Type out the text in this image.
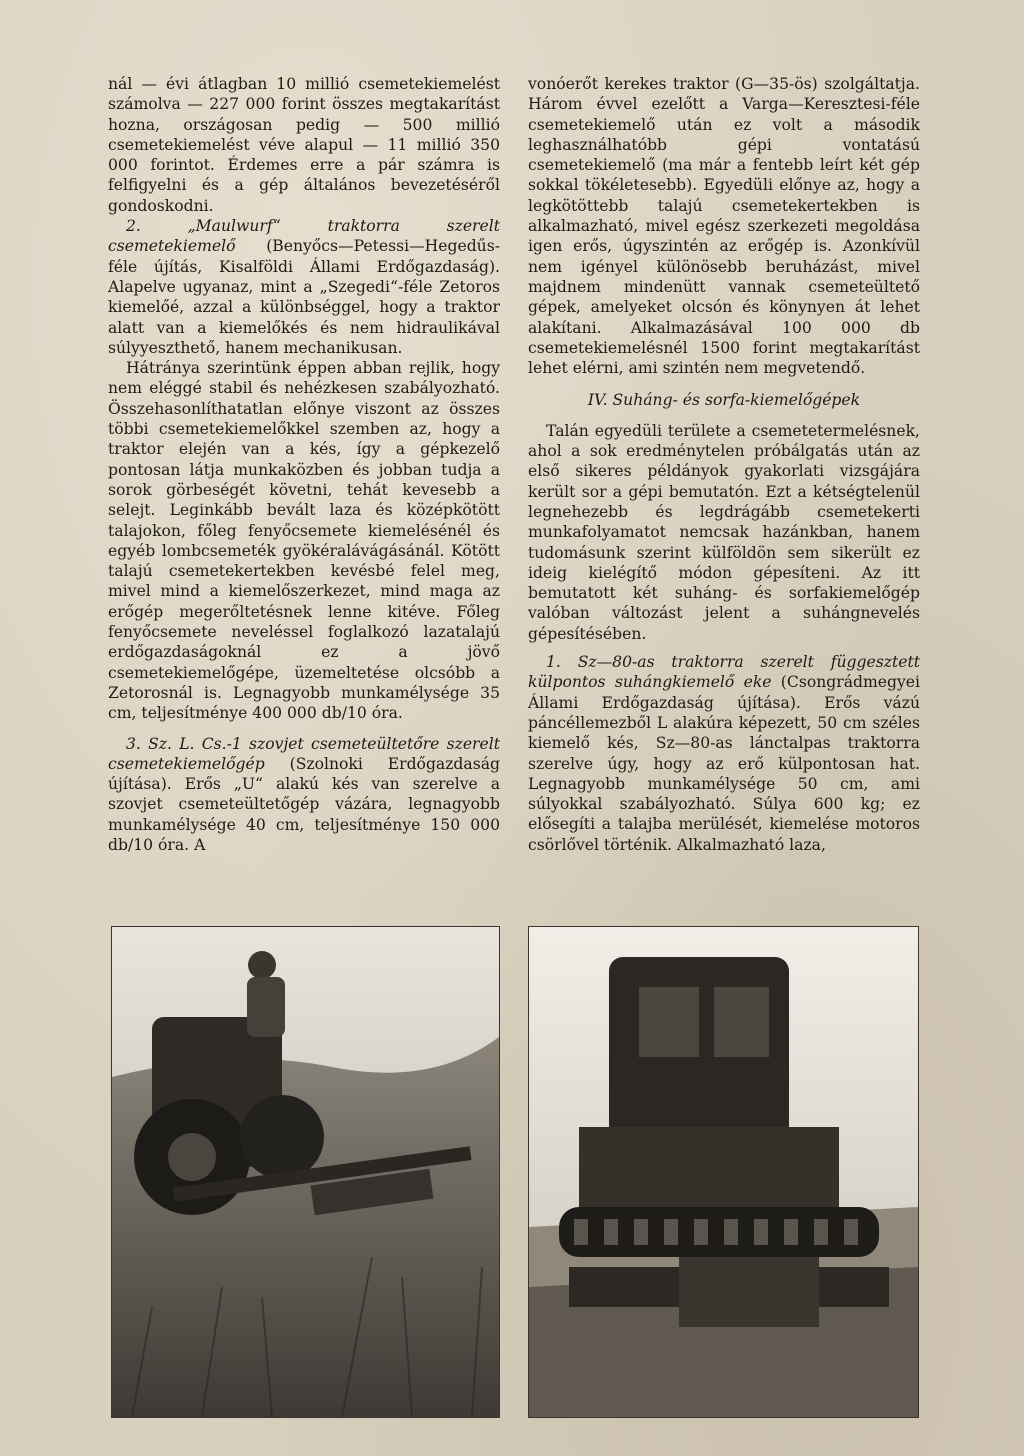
nál — évi átlagban 10 millió csemetekiemelést számolva — 227 000 forint összes megtakarítást hozna, országosan pedig — 500 millió csemetekiemelést véve alapul — 11 millió 350 000 forintot. Érdemes erre a pár számra is felfigyelni és a gép általános bevezetéséről gondoskodni.

2. „Maulwurf“ traktorra szerelt csemetekiemelő (Benyőcs—Petessi—Hegedűs-féle újítás, Kisalföldi Állami Erdőgazdaság). Alapelve ugyanaz, mint a „Szegedi“-féle Zetoros kiemelőé, azzal a különbséggel, hogy a traktor alatt van a kiemelőkés és nem hidraulikával súlyyeszthető, hanem mechanikusan.

Hátránya szerintünk éppen abban rejlik, hogy nem eléggé stabil és nehézkesen szabályozható. Összehasonlíthatatlan előnye viszont az összes többi csemetekiemelőkkel szemben az, hogy a traktor elején van a kés, így a gépkezelő pontosan látja munkaközben és jobban tudja a sorok görbeségét követni, tehát kevesebb a selejt. Leginkább bevált laza és középkötött talajokon, főleg fenyőcsemete kiemelésénél és egyéb lombcsemeték gyökéralávágásánál. Kötött talajú csemetekertekben kevésbé felel meg, mivel mind a kiemelőszerkezet, mind maga az erőgép megerőltetésnek lenne kitéve. Főleg fenyőcsemete neveléssel foglalkozó lazatalajú erdőgazdaságoknál ez a jövő csemetekiemelőgépe, üzemeltetése olcsóbb a Zetorosnál is. Legnagyobb munkamélysége 35 cm, teljesítménye 400 000 db/10 óra.

3. Sz. L. Cs.-1 szovjet csemeteültetőre szerelt csemetekiemelőgép (Szolnoki Erdőgazdaság újítása). Erős „U“ alakú kés van szerelve a szovjet csemeteültetőgép vázára, legnagyobb munkamélysége 40 cm, teljesítménye 150 000 db/10 óra. A

vonóerőt kerekes traktor (G—35-ös) szolgáltatja. Három évvel ezelőtt a Varga—Keresztesi-féle csemetekiemelő után ez volt a második leghasználhatóbb gépi vontatású csemetekiemelő (ma már a fentebb leírt két gép sokkal tökéletesebb). Egyedüli előnye az, hogy a legkötöttebb talajú csemetekertekben is alkalmazható, mivel egész szerkezeti megoldása igen erős, úgyszintén az erőgép is. Azonkívül nem igényel különösebb beruházást, mivel majdnem mindenütt vannak csemeteültető gépek, amelyeket olcsón és könynyen át lehet alakítani. Alkalmazásával 100 000 db csemetekiemelésnél 1500 forint megtakarítást lehet elérni, ami szintén nem megvetendő.

IV. Suháng- és sorfa-kiemelőgépek

Talán egyedüli területe a csemetetermelésnek, ahol a sok eredménytelen próbálgatás után az első sikeres példányok gyakorlati vizsgájára került sor a gépi bemutatón. Ezt a kétségtelenül legnehezebb és legdrágább csemetekerti munkafolyamatot nemcsak hazánkban, hanem tudomásunk szerint külföldön sem sikerült ez ideig kielégítő módon gépesíteni. Az itt bemutatott két suháng- és sorfakiemelőgép valóban változást jelent a suhángnevelés gépesítésében.

1. Sz—80-as traktorra szerelt függesztett külpontos suhángkiemelő eke (Csongrádmegyei Állami Erdőgazdaság újítása). Erős vázú páncéllemezből L alakúra képezett, 50 cm széles kiemelő kés, Sz—80-as lánctalpas traktorra szerelve úgy, hogy az erő külpontosan hat. Legnagyobb munkamélysége 50 cm, ami súlyokkal szabályozható. Súlya 600 kg; ez elősegíti a talajba merülését, kiemelése motoros csörlővel történik. Alkalmazható laza,
